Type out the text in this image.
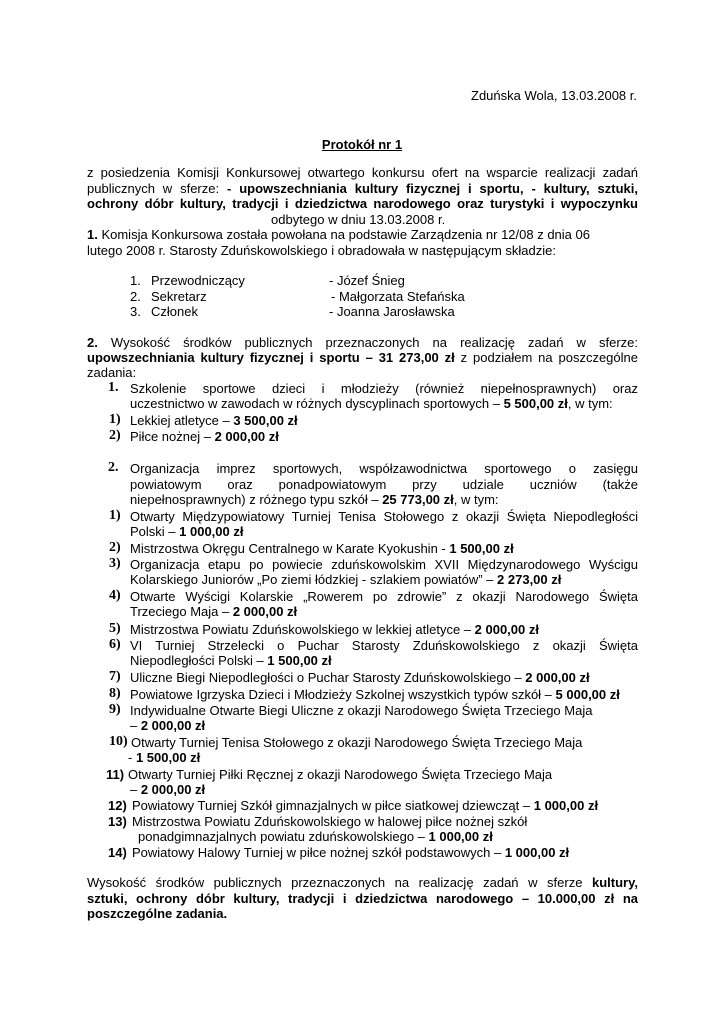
Zduńska Wola, 13.03.2008 r.
Protokół nr 1
z posiedzenia Komisji Konkursowej otwartego konkursu ofert na wsparcie realizacji zadań
publicznych w sferze: - upowszechniania kultury fizycznej i sportu, - kultury, sztuki,
ochrony dóbr kultury, tradycji i dziedzictwa narodowego oraz turystyki i wypoczynku
odbytego w dniu 13.03.2008 r.
1. Komisja Konkursowa została powołana na podstawie Zarządzenia nr 12/08 z dnia 06
lutego 2008 r. Starosty Zduńskowolskiego i obradowała w następującym składzie:
1. Przewodniczący	- Józef Śnieg
2. Sekretarz	- Małgorzata Stefańska
3. Członek	- Joanna Jarosławska
2. Wysokość środków publicznych przeznaczonych na realizację zadań w sferze:
upowszechniania kultury fizycznej i sportu – 31 273,00 zł z podziałem na poszczególne
zadania:
1. Szkolenie sportowe dzieci i młodzieży (również niepełnosprawnych) oraz
uczestnictwo w zawodach w różnych dyscyplinach sportowych – 5 500,00 zł, w tym:
1) Lekkiej atletyce – 3 500,00 zł
2) Piłce nożnej – 2 000,00 zł
2. Organizacja imprez sportowych, współzawodnictwa sportowego o zasięgu
powiatowym oraz ponadpowiatowym przy udziale uczniów (także
niepełnosprawnych) z różnego typu szkół – 25 773,00 zł, w tym:
1) Otwarty Międzypowiatowy Turniej Tenisa Stołowego z okazji Święta Niepodległości
Polski – 1 000,00 zł
2) Mistrzostwa Okręgu Centralnego w Karate Kyokushin - 1 500,00 zł
3) Organizacja etapu po powiecie zduńskowolskim XVII Międzynarodowego Wyścigu
Kolarskiego Juniorów „Po ziemi łódzkiej - szlakiem powiatów” – 2 273,00 zł
4) Otwarte Wyścigi Kolarskie „Rowerem po zdrowie” z okazji Narodowego Święta
Trzeciego Maja – 2 000,00 zł
5) Mistrzostwa Powiatu Zduńskowolskiego w lekkiej atletyce – 2 000,00 zł
6) VI Turniej Strzelecki o Puchar Starosty Zduńskowolskiego z okazji Święta
Niepodległości Polski – 1 500,00 zł
7) Uliczne Biegi Niepodległości o Puchar Starosty Zduńskowolskiego – 2 000,00 zł
8) Powiatowe Igrzyska Dzieci i Młodzieży Szkolnej wszystkich typów szkół – 5 000,00 zł
9) Indywidualne Otwarte Biegi Uliczne z okazji Narodowego Święta Trzeciego Maja
– 2 000,00 zł
10) Otwarty Turniej Tenisa Stołowego z okazji Narodowego Święta Trzeciego Maja
- 1 500,00 zł
11) Otwarty Turniej Piłki Ręcznej z okazji Narodowego Święta Trzeciego Maja
– 2 000,00 zł
12) Powiatowy Turniej Szkół gimnazjalnych w piłce siatkowej dziewcząt – 1 000,00 zł
13) Mistrzostwa Powiatu Zduńskowolskiego w halowej piłce nożnej szkół
ponadgimnazjalnych powiatu zduńskowolskiego – 1 000,00 zł
14) Powiatowy Halowy Turniej w piłce nożnej szkół podstawowych – 1 000,00 zł
Wysokość środków publicznych przeznaczonych na realizację zadań w sferze kultury,
sztuki, ochrony dóbr kultury, tradycji i dziedzictwa narodowego – 10.000,00 zł na
poszczególne zadania.
